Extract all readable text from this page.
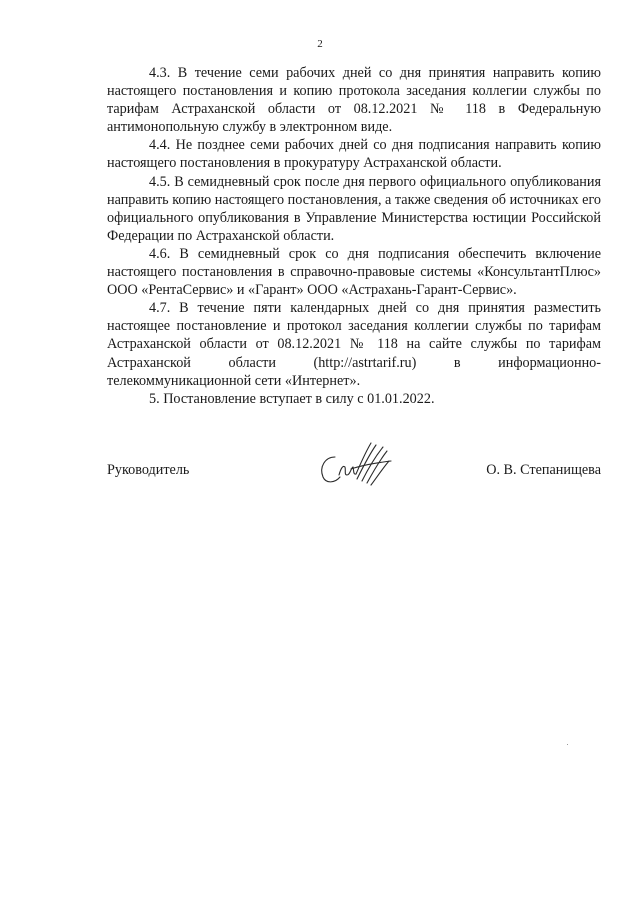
2

4.3. В течение семи рабочих дней со дня принятия направить копию настоящего постановления и копию протокола заседания коллегии службы по тарифам Астраханской области от 08.12.2021 № 118 в Федеральную антимонопольную службу в электронном виде.

4.4. Не позднее семи рабочих дней со дня подписания направить копию настоящего постановления в прокуратуру Астраханской области.

4.5. В семидневный срок после дня первого официального опубликования направить копию настоящего постановления, а также сведения об источниках его официального опубликования в Управление Министерства юстиции Российской Федерации по Астраханской области.

4.6. В семидневный срок со дня подписания обеспечить включение настоящего постановления в справочно-правовые системы «КонсультантПлюс» ООО «РентаСервис» и «Гарант» ООО «Астрахань-Гарант-Сервис».

4.7. В течение пяти календарных дней со дня принятия разместить настоящее постановление и протокол заседания коллегии службы по тарифам Астраханской области от 08.12.2021 № 118 на сайте службы по тарифам Астраханской области (http://astrtarif.ru) в информационно-телекоммуникационной сети «Интернет».

5. Постановление вступает в силу с 01.01.2022.

Руководитель	О. В. Степанищева
